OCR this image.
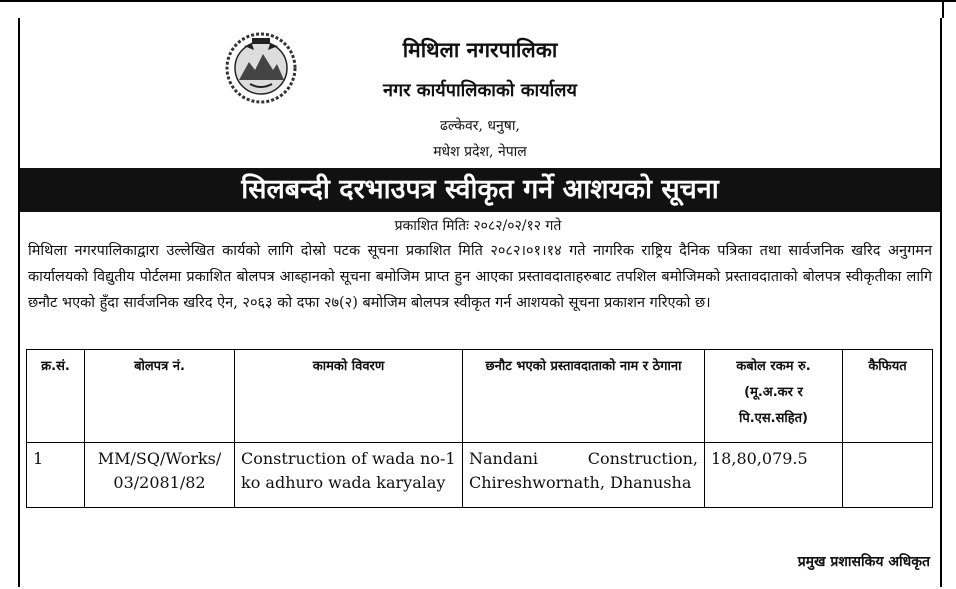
मिथिला नगरपालिका
नगर कार्यपालिकाको कार्यालय
ढल्केवर, धनुषा,
मधेश प्रदेश, नेपाल
सिलबन्दी दरभाउपत्र स्वीकृत गर्ने आशयको सूचना
प्रकाशित मितिः २०८२/०२/१२ गते
मिथिला नगरपालिकाद्वारा उल्लेखित कार्यको लागि दोस्रो पटक सूचना प्रकाशित मिति २०८२।०१।१४ गते नागरिक राष्ट्रिय दैनिक पत्रिका तथा सार्वजनिक खरिद अनुगमन कार्यालयको विद्युतीय पोर्टलमा प्रकाशित बोलपत्र आब्हानको सूचना बमोजिम प्राप्त हुन आएका प्रस्तावदाताहरुबाट तपशिल बमोजिमको प्रस्तावदाताको बोलपत्र स्वीकृतीका लागि छनौट भएको हुँदा सार्वजनिक खरिद ऐन, २०६३ को दफा २७(२) बमोजिम बोलपत्र स्वीकृत गर्न आशयको सूचना प्रकाशन गरिएको छ।
क्र.सं.	बोलपत्र नं.	कामको विवरण	छनौट भएको प्रस्तावदाताको नाम र ठेगाना	कबोल रकम रु. (मू.अ.कर र पि.एस.सहित)	कैफियत
1	MM/SQ/Works/ 03/2081/82	Construction of wada no-1 ko adhuro wada karyalay	Nandani Construction, Chireshwornath, Dhanusha	18,80,079.5	
प्रमुख प्रशासकिय अधिकृत
